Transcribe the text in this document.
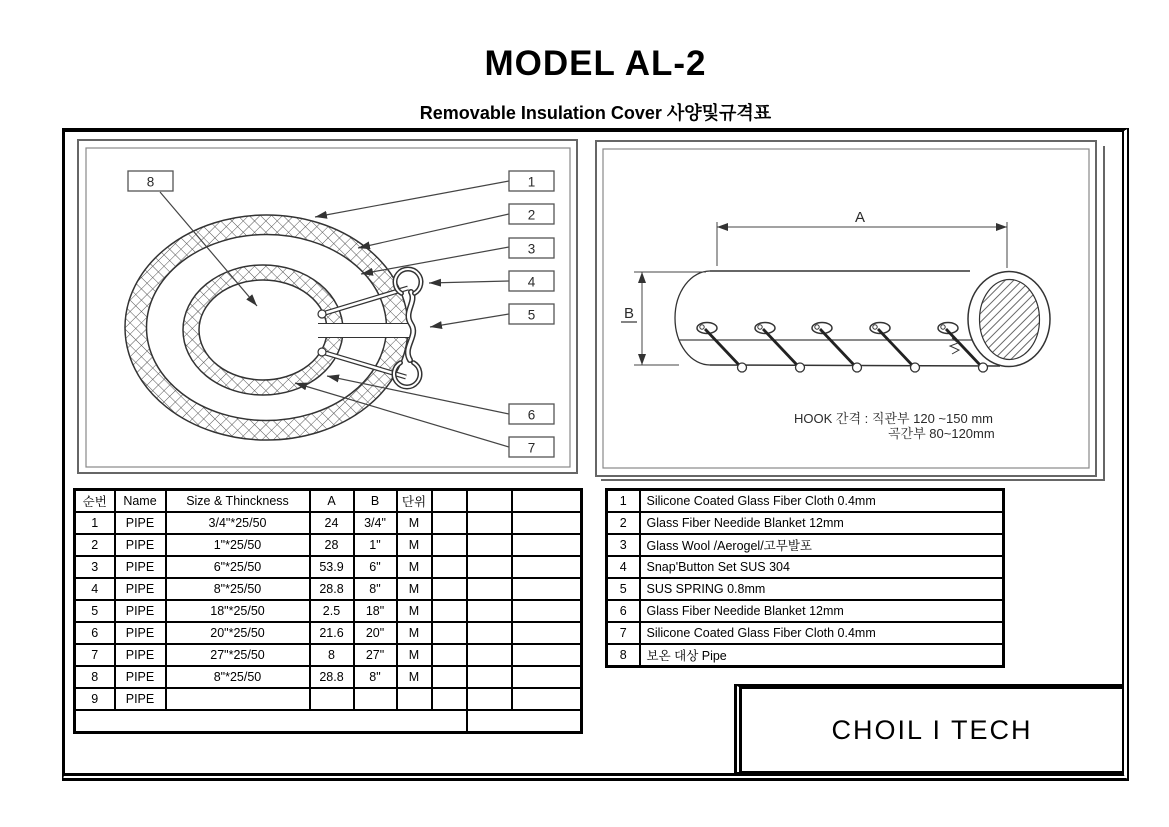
MODEL AL-2
Removable Insulation Cover 사양및규격표
8	1
2
3
4
5
6
7
A
B
HOOK 간격 : 직관부 120 ~150 mm
곡간부 80~120mm
순번	Name	Size & Thinckness	A	B	단위			
1	PIPE	3/4"*25/50	24	3/4"	M			
2	PIPE	1"*25/50	28	1"	M			
3	PIPE	6"*25/50	53.9	6"	M			
4	PIPE	8"*25/50	28.8	8"	M			
5	PIPE	18"*25/50	2.5	18"	M			
6	PIPE	20"*25/50	21.6	20"	M			
7	PIPE	27"*25/50	8	27"	M			
8	PIPE	8"*25/50	28.8	8"	M			
9	PIPE							

1	Silicone Coated Glass Fiber Cloth 0.4mm
2	Glass Fiber Needide Blanket 12mm
3	Glass Wool /Aerogel/고무발포
4	Snap'Button Set SUS 304
5	SUS SPRING 0.8mm
6	Glass Fiber Needide Blanket 12mm
7	Silicone Coated Glass Fiber Cloth 0.4mm
8	보온 대상 Pipe
CHOIL I TECH
